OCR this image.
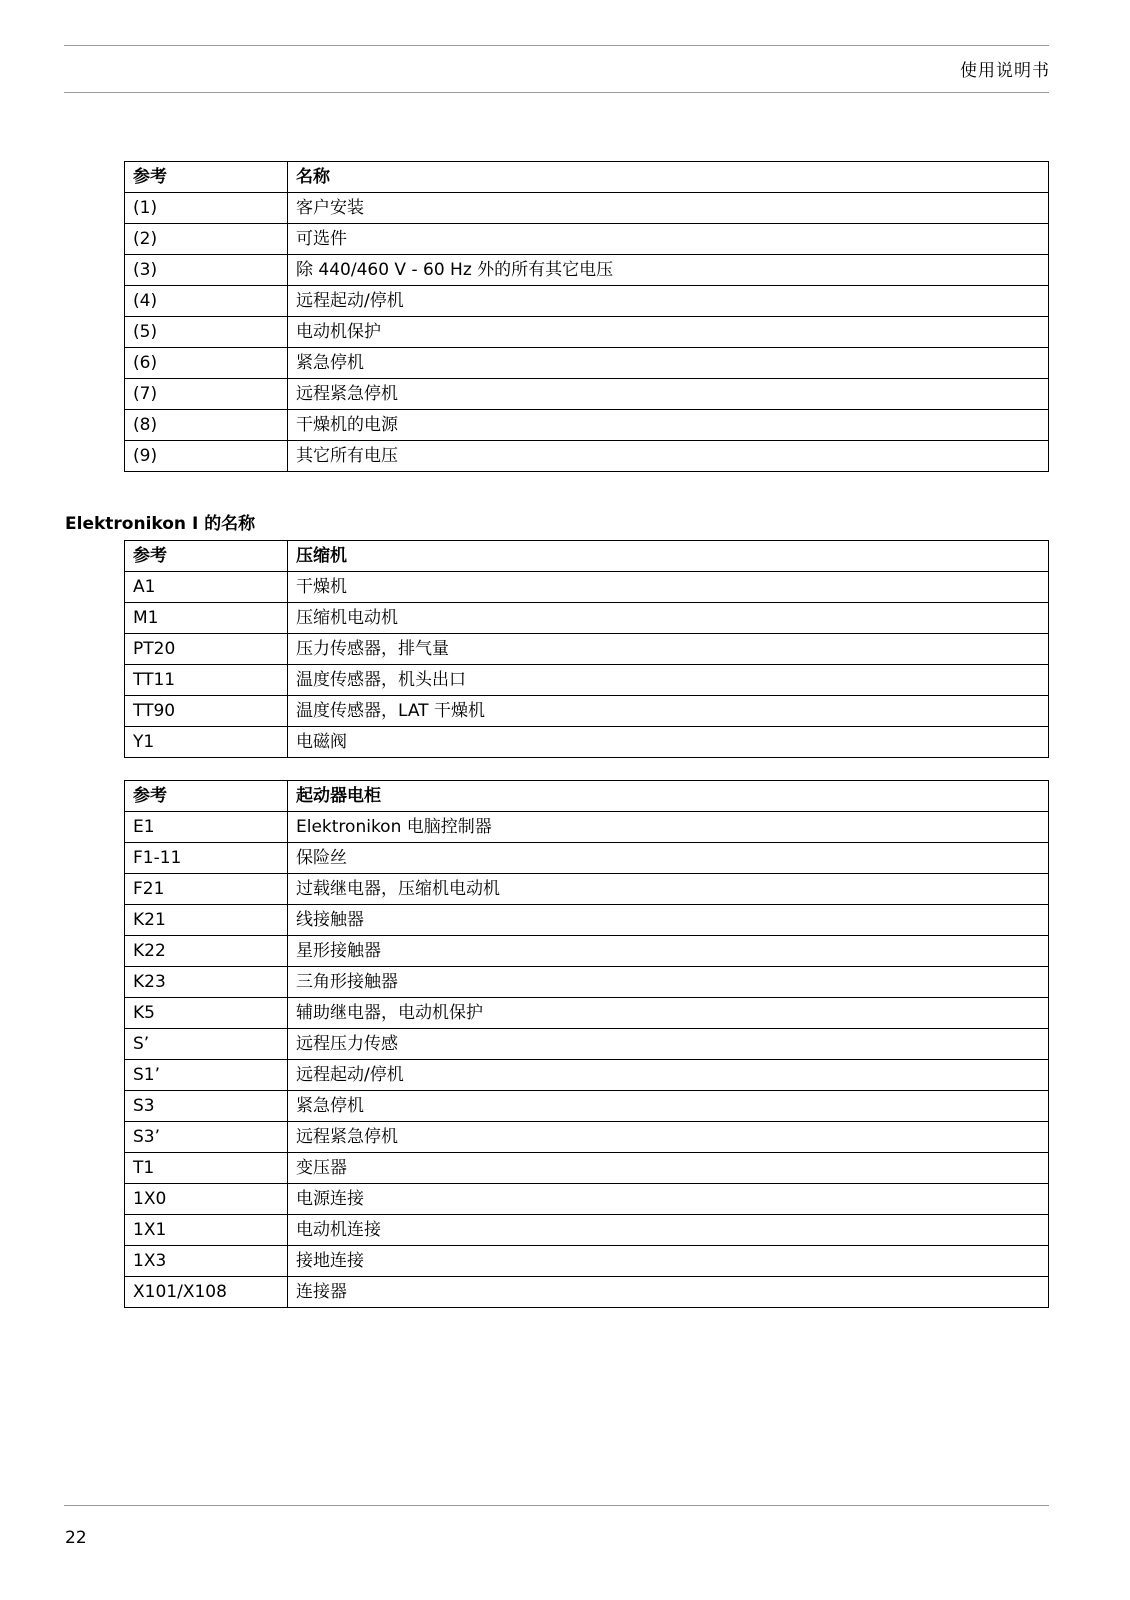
使用说明书
参考	名称
(1)	客户安装
(2)	可选件
(3)	除 440/460 V - 60 Hz 外的所有其它电压
(4)	远程起动/停机
(5)	电动机保护
(6)	紧急停机
(7)	远程紧急停机
(8)	干燥机的电源
(9)	其它所有电压
Elektronikon I 的名称
参考	压缩机
A1	干燥机
M1	压缩机电动机
PT20	压力传感器，排气量
TT11	温度传感器，机头出口
TT90	温度传感器，LAT 干燥机
Y1	电磁阀
参考	起动器电柜
E1	Elektronikon 电脑控制器
F1-11	保险丝
F21	过载继电器，压缩机电动机
K21	线接触器
K22	星形接触器
K23	三角形接触器
K5	辅助继电器，电动机保护
S’	远程压力传感
S1’	远程起动/停机
S3	紧急停机
S3’	远程紧急停机
T1	变压器
1X0	电源连接
1X1	电动机连接
1X3	接地连接
X101/X108	连接器
22
